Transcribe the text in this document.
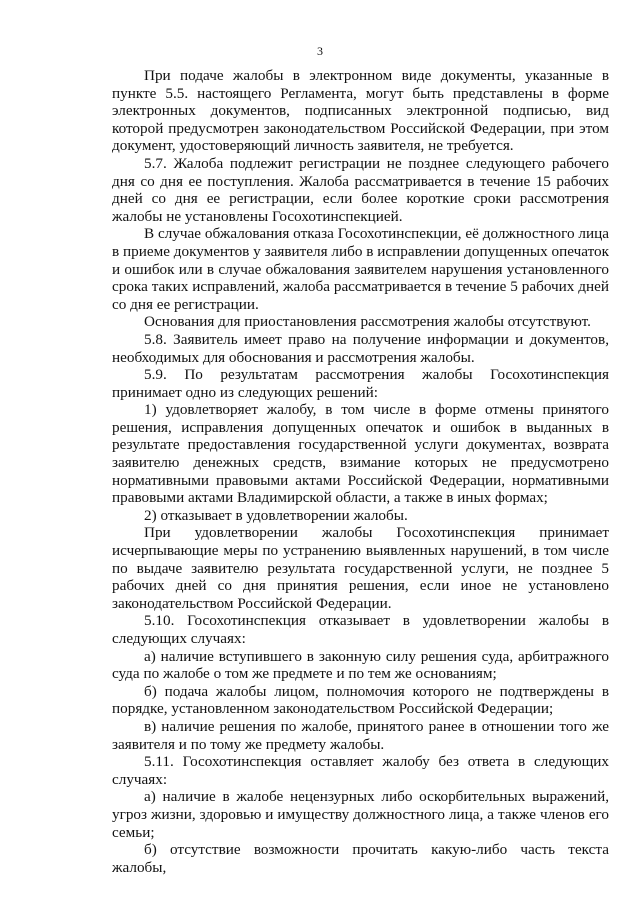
3

При подаче жалобы в электронном виде документы, указанные в пункте 5.5. настоящего Регламента, могут быть представлены в форме электронных документов, подписанных электронной подписью, вид которой предусмотрен законодательством Российской Федерации, при этом документ, удостоверяющий личность заявителя, не требуется.

5.7. Жалоба подлежит регистрации не позднее следующего рабочего дня со дня ее поступления. Жалоба рассматривается в течение 15 рабочих дней со дня ее регистрации, если более короткие сроки рассмотрения жалобы не установлены Госохотинспекцией.

В случае обжалования отказа Госохотинспекции, её должностного лица в приеме документов у заявителя либо в исправлении допущенных опечаток и ошибок или в случае обжалования заявителем нарушения установленного срока таких исправлений, жалоба рассматривается в течение 5 рабочих дней со дня ее регистрации.

Основания для приостановления рассмотрения жалобы отсутствуют.

5.8. Заявитель имеет право на получение информации и документов, необходимых для обоснования и рассмотрения жалобы.

5.9. По результатам рассмотрения жалобы Госохотинспекция принимает одно из следующих решений:

1) удовлетворяет жалобу, в том числе в форме отмены принятого решения, исправления допущенных опечаток и ошибок в выданных в результате предоставления государственной услуги документах, возврата заявителю денежных средств, взимание которых не предусмотрено нормативными правовыми актами Российской Федерации, нормативными правовыми актами Владимирской области, а также в иных формах;

2) отказывает в удовлетворении жалобы.

При удовлетворении жалобы Госохотинспекция принимает исчерпывающие меры по устранению выявленных нарушений, в том числе по выдаче заявителю результата государственной услуги, не позднее 5 рабочих дней со дня принятия решения, если иное не установлено законодательством Российской Федерации.

5.10. Госохотинспекция отказывает в удовлетворении жалобы в следующих случаях:

а) наличие вступившего в законную силу решения суда, арбитражного суда по жалобе о том же предмете и по тем же основаниям;

б) подача жалобы лицом, полномочия которого не подтверждены в порядке, установленном законодательством Российской Федерации;

в) наличие решения по жалобе, принятого ранее в отношении того же заявителя и по тому же предмету жалобы.

5.11. Госохотинспекция оставляет жалобу без ответа в следующих случаях:

а) наличие в жалобе нецензурных либо оскорбительных выражений, угроз жизни, здоровью и имуществу должностного лица, а также членов его семьи;

б) отсутствие возможности прочитать какую-либо часть текста жалобы,
